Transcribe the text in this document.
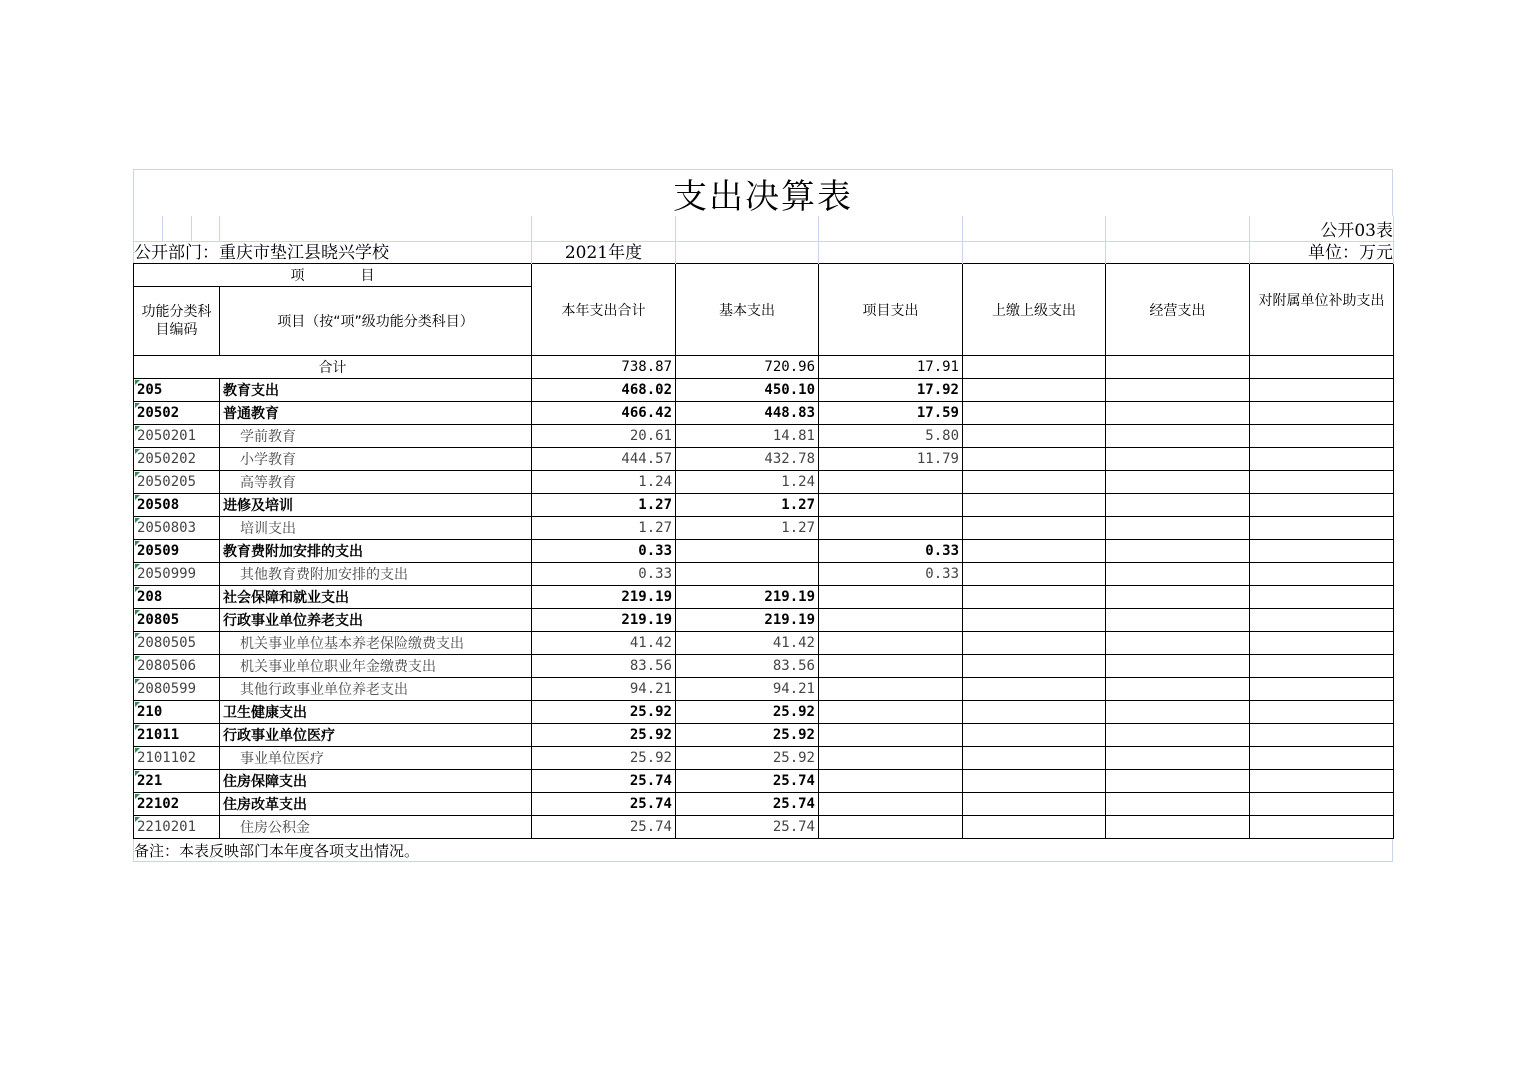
支出决算表
公开03表
公开部门：重庆市垫江县晓兴学校	2021年度	单位：万元
项　　　　目		本年支出合计	基本支出	项目支出	上缴上级支出	经营支出	对附属单位补助支出
功能分类科目编码	项目（按“项”级功能分类科目）						
合计		738.87	720.96	17.91			
205	教育支出	468.02	450.10	17.92			
20502	普通教育	466.42	448.83	17.59			
2050201	学前教育	20.61	14.81	5.80			
2050202	小学教育	444.57	432.78	11.79			
2050205	高等教育	1.24	1.24				
20508	进修及培训	1.27	1.27				
2050803	培训支出	1.27	1.27				
20509	教育费附加安排的支出	0.33		0.33			
2050999	其他教育费附加安排的支出	0.33		0.33			
208	社会保障和就业支出	219.19	219.19				
20805	行政事业单位养老支出	219.19	219.19				
2080505	机关事业单位基本养老保险缴费支出	41.42	41.42				
2080506	机关事业单位职业年金缴费支出	83.56	83.56				
2080599	其他行政事业单位养老支出	94.21	94.21				
210	卫生健康支出	25.92	25.92				
21011	行政事业单位医疗	25.92	25.92				
2101102	事业单位医疗	25.92	25.92				
221	住房保障支出	25.74	25.74				
22102	住房改革支出	25.74	25.74				
2210201	住房公积金	25.74	25.74				
备注：本表反映部门本年度各项支出情况。
